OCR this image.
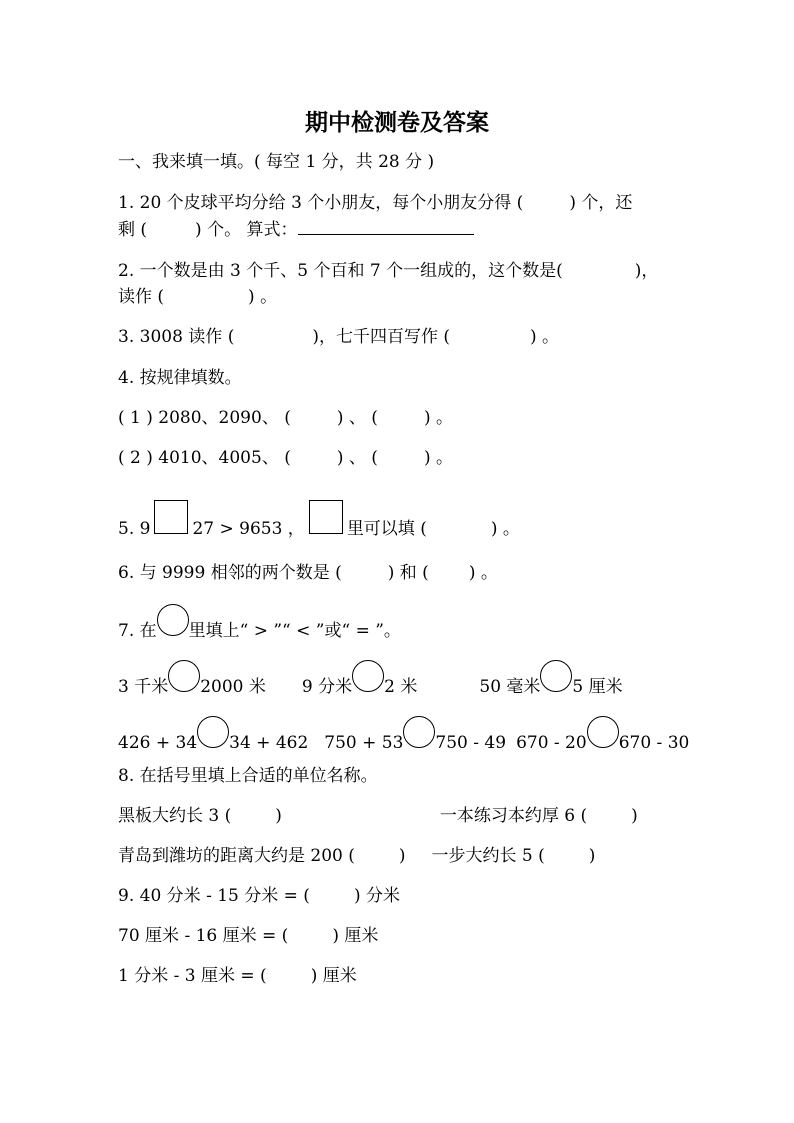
期中检测卷及答案
一、我来填一填。( 每空 1 分，共 28 分 )
1. 20 个皮球平均分给 3 个小朋友，每个小朋友分得 (	) 个，还
剩 (	) 个。 算式：
2. 一个数是由 3 个千、5 个百和 7 个一组成的，这个数是(	)，
读作 (	) 。
3. 3008 读作 (	)，七千四百写作 (	) 。
4. 按规律填数。
( 1 ) 2080、2090、 (	) 、 (	) 。
( 2 ) 4010、4005、 (	) 、 (	) 。
5. 9 27 > 9653 ， 里可以填 (	) 。
6. 与 9999 相邻的两个数是 (	) 和 ( ) 。
7. 在 里填上“ > ”“ < ”或“ = ”。
3 千米 2000 米 9 分米 2 米	50 毫米 5 厘米
426 + 34 34 + 462 750 + 53 750 - 49 670 - 20 670 - 30
8. 在括号里填上合适的单位名称。
黑板大约长 3 (	)	一本练习本约厚 6 (	)
青岛到潍坊的距离大约是 200 (	) 一步大约长 5 (	)
9. 40 分米 - 15 分米 = (	) 分米
70 厘米 - 16 厘米 = (	) 厘米
1 分米 - 3 厘米 = (	) 厘米
